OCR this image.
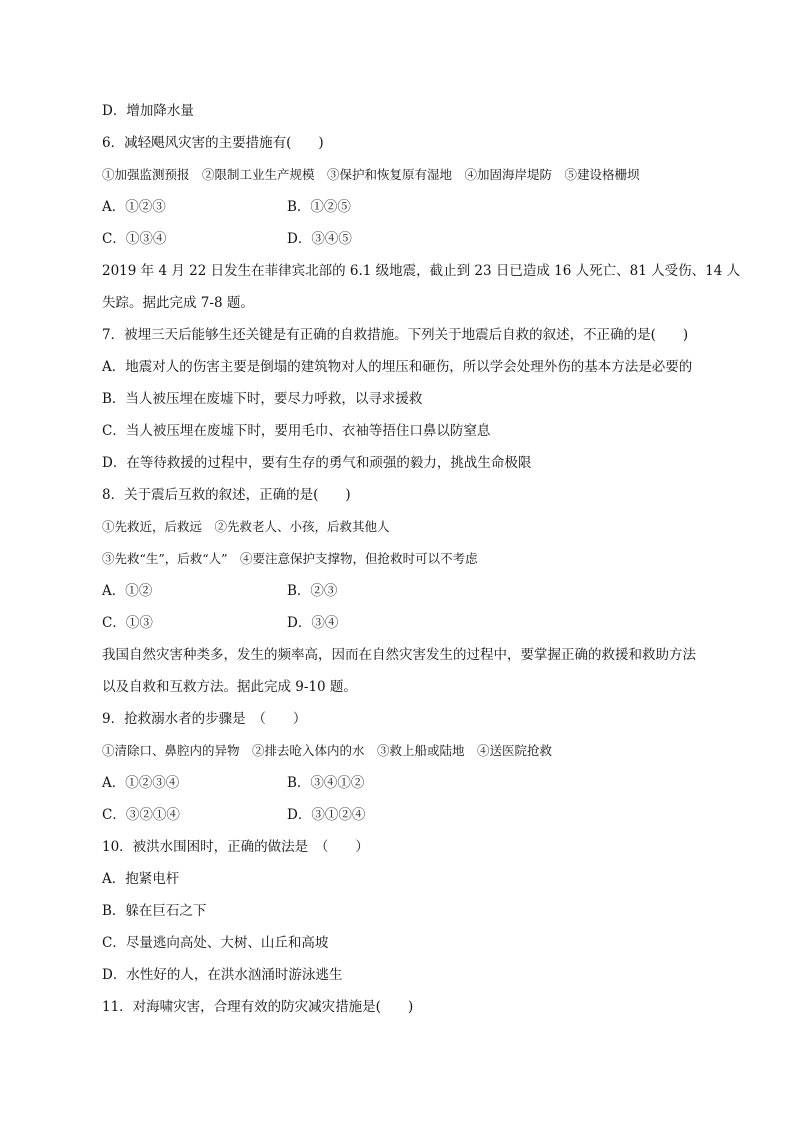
D．增加降水量
6．减轻飓风灾害的主要措施有(　　)
①加强监测预报　②限制工业生产规模　③保护和恢复原有湿地　④加固海岸堤防　⑤建设格栅坝
A．①②③	B．①②⑤
C．①③④	D．③④⑤
2019 年 4 月 22 日发生在菲律宾北部的 6.1 级地震，截止到 23 日已造成 16 人死亡、81 人受伤、14 人
失踪。据此完成 7-8 题。
7．被埋三天后能够生还关键是有正确的自救措施。下列关于地震后自救的叙述，不正确的是(　　)
A．地震对人的伤害主要是倒塌的建筑物对人的埋压和砸伤，所以学会处理外伤的基本方法是必要的
B．当人被压埋在废墟下时，要尽力呼救，以寻求援救
C．当人被压埋在废墟下时，要用毛巾、衣袖等捂住口鼻以防窒息
D．在等待救援的过程中，要有生存的勇气和顽强的毅力，挑战生命极限
8．关于震后互救的叙述，正确的是(　　)
①先救近，后救远　②先救老人、小孩，后救其他人
③先救“生”，后救“人”　④要注意保护支撑物，但抢救时可以不考虑
A．①②	B．②③
C．①③	D．③④
我国自然灾害种类多，发生的频率高，因而在自然灾害发生的过程中，要掌握正确的救援和救助方法
以及自救和互救方法。据此完成 9-10 题。
9．抢救溺水者的步骤是　（　　）
①清除口、鼻腔内的异物　②排去呛入体内的水　③救上船或陆地　④送医院抢救
A．①②③④	B．③④①②
C．③②①④	D．③①②④
10．被洪水围困时，正确的做法是　（　　）
A．抱紧电杆
B．躲在巨石之下
C．尽量逃向高处、大树、山丘和高坡
D．水性好的人，在洪水汹涌时游泳逃生
11．对海啸灾害，合理有效的防灾减灾措施是(　　)
